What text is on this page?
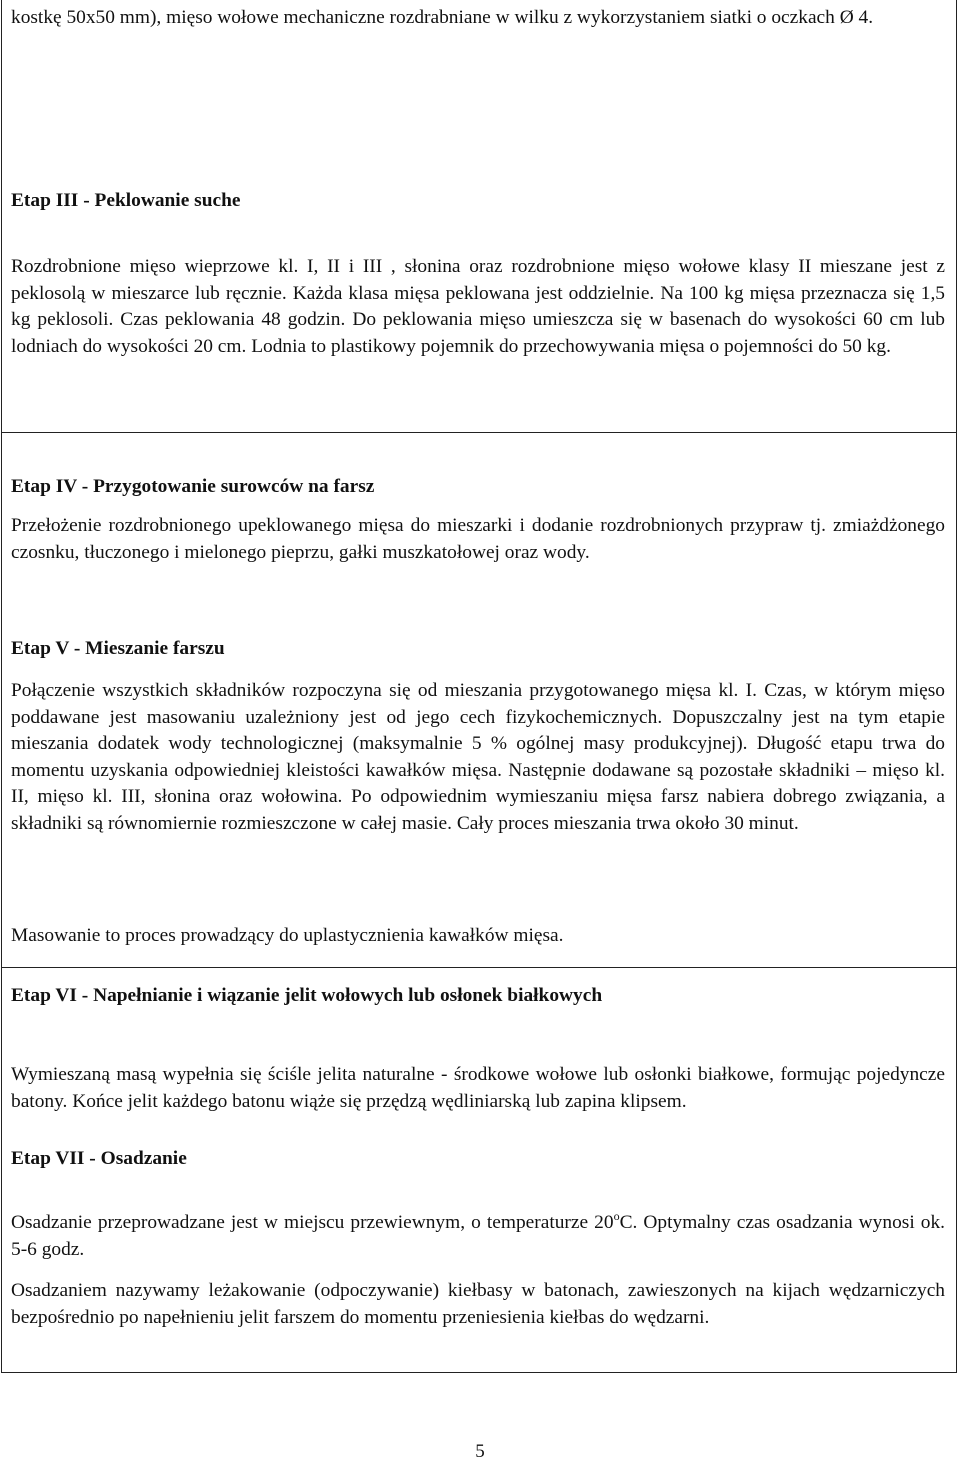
kostkę 50x50 mm), mięso wołowe mechaniczne rozdrabniane w wilku z wykorzystaniem siatki o oczkach Ø 4.

Etap III - Peklowanie suche

Rozdrobnione mięso wieprzowe kl. I, II i III , słonina oraz rozdrobnione mięso wołowe klasy II mieszane jest z peklosolą w mieszarce lub ręcznie. Każda klasa mięsa peklowana jest oddzielnie. Na 100 kg mięsa przeznacza się 1,5 kg peklosoli. Czas peklowania 48 godzin. Do peklowania mięso umieszcza się w basenach do wysokości 60 cm lub lodniach do wysokości 20 cm. Lodnia to plastikowy pojemnik do przechowywania mięsa o pojemności do 50 kg.

Etap IV - Przygotowanie surowców na farsz

Przełożenie rozdrobnionego upeklowanego mięsa do mieszarki i dodanie rozdrobnionych przypraw tj. zmiażdżonego czosnku, tłuczonego i mielonego pieprzu, gałki muszkatołowej oraz wody.

Etap V - Mieszanie farszu

Połączenie wszystkich składników rozpoczyna się od mieszania przygotowanego mięsa kl. I. Czas, w którym mięso poddawane jest masowaniu uzależniony jest od jego cech fizykochemicznych. Dopuszczalny jest na tym etapie mieszania dodatek wody technologicznej (maksymalnie 5 % ogólnej masy produkcyjnej). Długość etapu trwa do momentu uzyskania odpowiedniej kleistości kawałków mięsa. Następnie dodawane są pozostałe składniki – mięso kl. II, mięso kl. III, słonina oraz wołowina. Po odpowiednim wymieszaniu mięsa farsz nabiera dobrego związania, a składniki są równomiernie rozmieszczone w całej masie. Cały proces mieszania trwa około 30 minut.

Masowanie to proces prowadzący do uplastycznienia kawałków mięsa.

Etap VI - Napełnianie i wiązanie jelit wołowych lub osłonek białkowych

Wymieszaną masą wypełnia się ściśle jelita naturalne - środkowe wołowe lub osłonki białkowe, formując pojedyncze batony. Końce jelit każdego batonu wiąże się przędzą wędliniarską lub zapina klipsem.

Etap VII - Osadzanie

Osadzanie przeprowadzane jest w miejscu przewiewnym, o temperaturze 20$^o$C. Optymalny czas osadzania wynosi ok. 5-6 godz.

Osadzaniem nazywamy leżakowanie (odpoczywanie) kiełbasy w batonach, zawieszonych na kijach wędzarniczych bezpośrednio po napełnieniu jelit farszem do momentu przeniesienia kiełbas do wędzarni.

5
